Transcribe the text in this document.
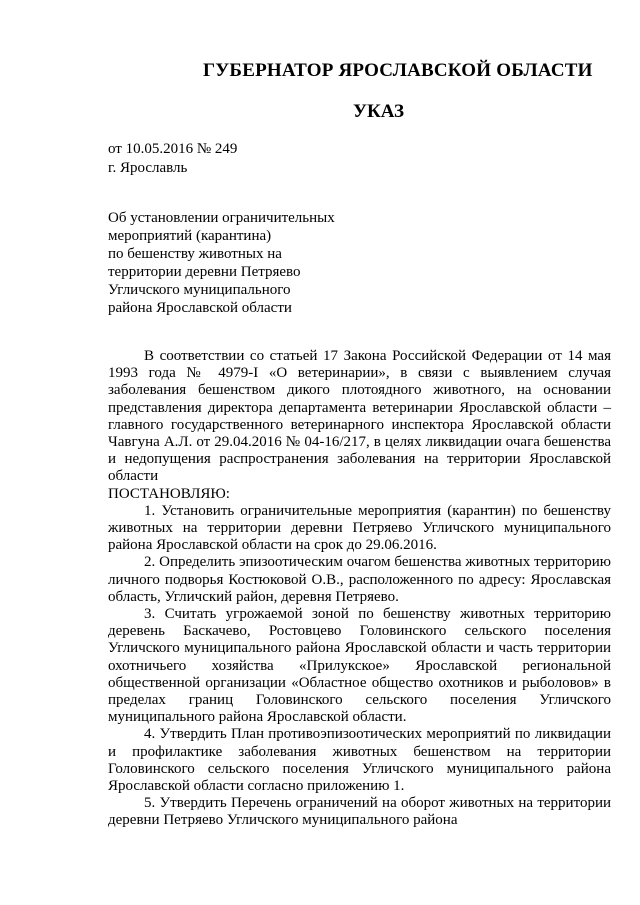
ГУБЕРНАТОР ЯРОСЛАВСКОЙ ОБЛАСТИ
УКАЗ
от 10.05.2016 № 249
г. Ярославль
Об установлении ограничительных
мероприятий (карантина)
по бешенству животных на
территории деревни Петряево
Угличского муниципального
района Ярославской области

В соответствии со статьей 17 Закона Российской Федерации от 14 мая 1993 года № 4979-I «О ветеринарии», в связи с выявлением случая заболевания бешенством дикого плотоядного животного, на основании представления директора департамента ветеринарии Ярославской области – главного государственного ветеринарного инспектора Ярославской области Чавгуна А.Л. от 29.04.2016 № 04-16/217, в целях ликвидации очага бешенства и недопущения распространения заболевания на территории Ярославской области

ПОСТАНОВЛЯЮ:

1. Установить ограничительные мероприятия (карантин) по бешенству животных на территории деревни Петряево Угличского муниципального района Ярославской области на срок до 29.06.2016.

2. Определить эпизоотическим очагом бешенства животных территорию личного подворья Костюковой О.В., расположенного по адресу: Ярославская область, Угличский район, деревня Петряево.

3. Считать угрожаемой зоной по бешенству животных территорию деревень Баскачево, Ростовцево Головинского сельского поселения Угличского муниципального района Ярославской области и часть территории охотничьего хозяйства «Прилукское» Ярославской региональной общественной организации «Областное общество охотников и рыболовов» в пределах границ Головинского сельского поселения Угличского муниципального района Ярославской области.

4. Утвердить План противоэпизоотических мероприятий по ликвидации и профилактике заболевания животных бешенством на территории Головинского сельского поселения Угличского муниципального района Ярославской области согласно приложению 1.

5. Утвердить Перечень ограничений на оборот животных на территории деревни Петряево Угличского муниципального района
